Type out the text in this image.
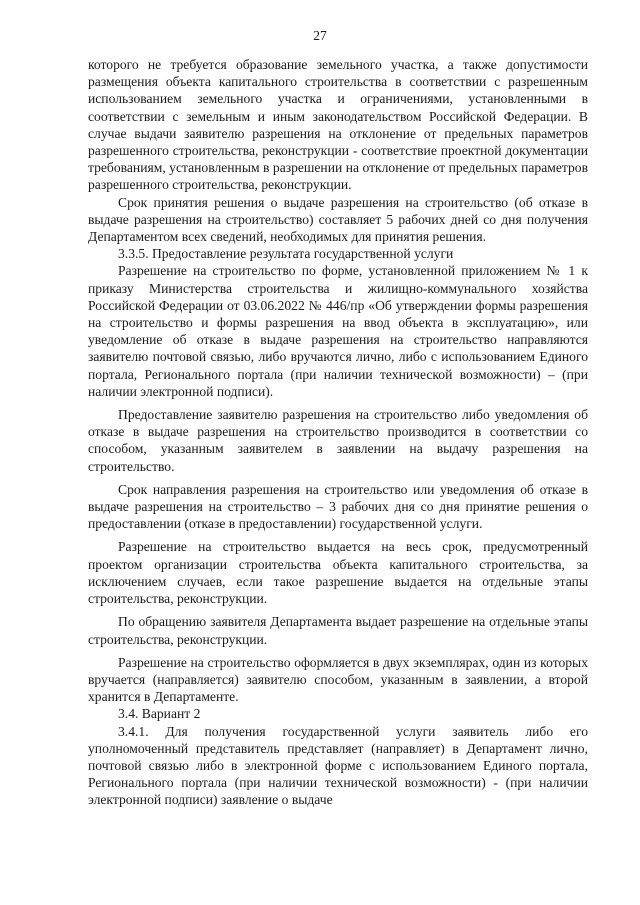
27

которого не требуется образование земельного участка, а также допустимости размещения объекта капитального строительства в соответствии с разрешенным использованием земельного участка и ограничениями, установленными в соответствии с земельным и иным законодательством Российской Федерации. В случае выдачи заявителю разрешения на отклонение от предельных параметров разрешенного строительства, реконструкции - соответствие проектной документации требованиям, установленным в разрешении на отклонение от предельных параметров разрешенного строительства, реконструкции.

Срок принятия решения о выдаче разрешения на строительство (об отказе в выдаче разрешения на строительство) составляет 5 рабочих дней со дня получения Департаментом всех сведений, необходимых для принятия решения.

3.3.5. Предоставление результата государственной услуги

Разрешение на строительство по форме, установленной приложением № 1 к приказу Министерства строительства и жилищно-коммунального хозяйства Российской Федерации от 03.06.2022 № 446/пр «Об утверждении формы разрешения на строительство и формы разрешения на ввод объекта в эксплуатацию», или уведомление об отказе в выдаче разрешения на строительство направляются заявителю почтовой связью, либо вручаются лично, либо с использованием Единого портала, Регионального портала (при наличии технической возможности) – (при наличии электронной подписи).

Предоставление заявителю разрешения на строительство либо уведомления об отказе в выдаче разрешения на строительство производится в соответствии со способом, указанным заявителем в заявлении на выдачу разрешения на строительство.

Срок направления разрешения на строительство или уведомления об отказе в выдаче разрешения на строительство – 3 рабочих дня со дня принятие решения о предоставлении (отказе в предоставлении) государственной услуги.

Разрешение на строительство выдается на весь срок, предусмотренный проектом организации строительства объекта капитального строительства, за исключением случаев, если такое разрешение выдается на отдельные этапы строительства, реконструкции.

По обращению заявителя Департамента выдает разрешение на отдельные этапы строительства, реконструкции.

Разрешение на строительство оформляется в двух экземплярах, один из которых вручается (направляется) заявителю способом, указанным в заявлении, а второй хранится в Департаменте.

3.4. Вариант 2

3.4.1. Для получения государственной услуги заявитель либо его уполномоченный представитель представляет (направляет) в Департамент лично, почтовой связью либо в электронной форме с использованием Единого портала, Регионального портала (при наличии технической возможности) - (при наличии электронной подписи) заявление о выдаче
